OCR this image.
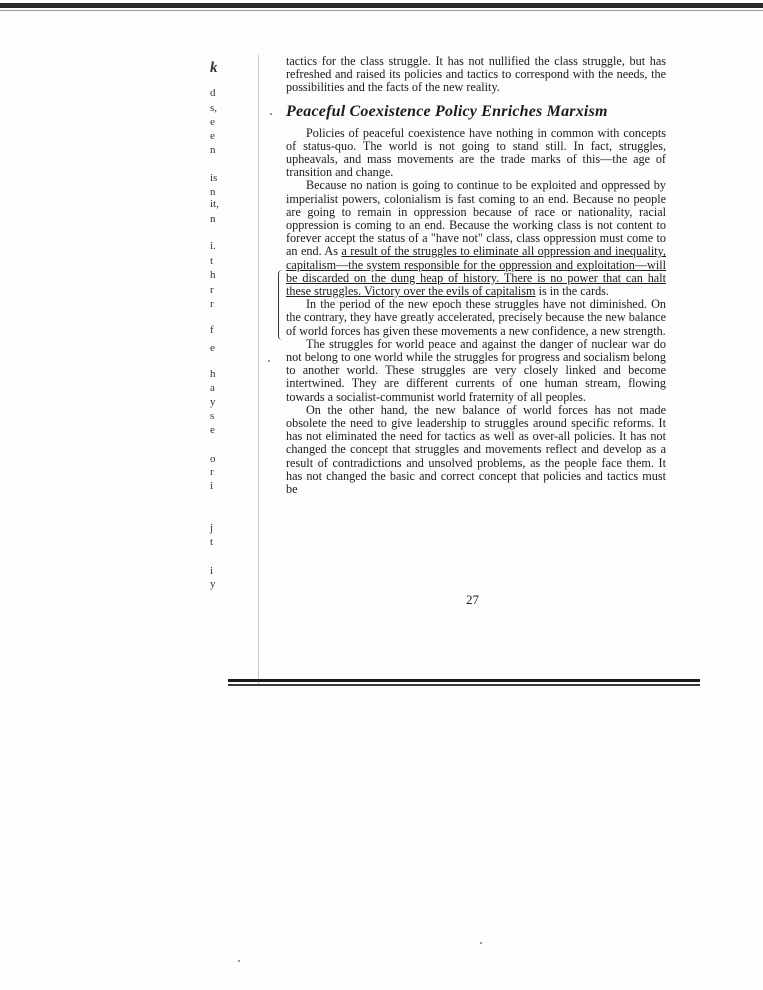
k
d
s,
e
e
n
is
n
it,
n
i.
t
h
r
r
f
e
h
a
y
s
e
o
r
i
j
t
i
y

tactics for the class struggle. It has not nullified the class struggle, but has refreshed and raised its policies and tactics to correspond with the needs, the possibilities and the facts of the new reality.

Peaceful Coexistence Policy Enriches Marxism

Policies of peaceful coexistence have nothing in common with concepts of status-quo. The world is not going to stand still. In fact, struggles, upheavals, and mass movements are the trade marks of this—the age of transition and change.

Because no nation is going to continue to be exploited and oppressed by imperialist powers, colonialism is fast coming to an end. Because no people are going to remain in oppression because of race or nationality, racial oppression is coming to an end. Because the working class is not content to forever accept the status of a "have not" class, class oppression must come to an end. As a result of the struggles to eliminate all oppression and inequality, capitalism—the system responsible for the oppression and exploitation—will be discarded on the dung heap of history. There is no power that can halt these struggles. Victory over the evils of capitalism is in the cards.

In the period of the new epoch these struggles have not diminished. On the contrary, they have greatly accelerated, precisely because the new balance of world forces has given these movements a new confidence, a new strength.

The struggles for world peace and against the danger of nuclear war do not belong to one world while the struggles for progress and socialism belong to another world. These struggles are very closely linked and become intertwined. They are different currents of one human stream, flowing towards a socialist-communist world fraternity of all peoples.

On the other hand, the new balance of world forces has not made obsolete the need to give leadership to struggles around specific reforms. It has not eliminated the need for tactics as well as over-all policies. It has not changed the concept that struggles and movements reflect and develop as a result of contradictions and unsolved problems, as the people face them. It has not changed the basic and correct concept that policies and tactics must be

27
